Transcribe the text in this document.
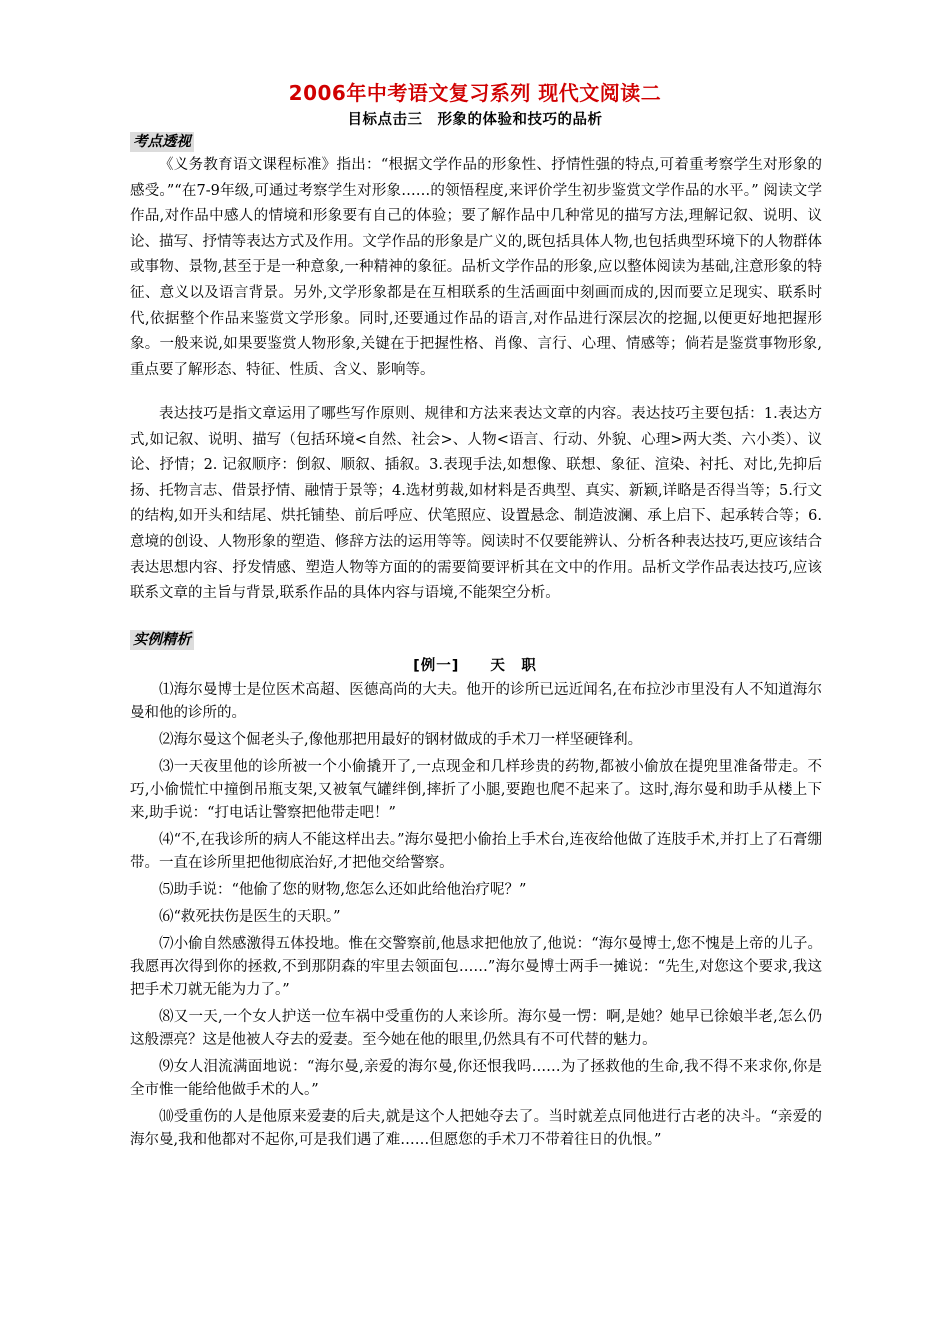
2006年中考语文复习系列 现代文阅读二
目标点击三　形象的体验和技巧的品析
考点透视

《义务教育语文课程标准》指出：“根据文学作品的形象性、抒情性强的特点,可着重考察学生对形象的感受。”“在7-9年级,可通过考察学生对形象……的领悟程度,来评价学生初步鉴赏文学作品的水平。” 阅读文学作品,对作品中感人的情境和形象要有自己的体验；要了解作品中几种常见的描写方法,理解记叙、说明、议论、描写、抒情等表达方式及作用。文学作品的形象是广义的,既包括具体人物,也包括典型环境下的人物群体或事物、景物,甚至于是一种意象,一种精神的象征。品析文学作品的形象,应以整体阅读为基础,注意形象的特征、意义以及语言背景。另外,文学形象都是在互相联系的生活画面中刻画而成的,因而要立足现实、联系时代,依据整个作品来鉴赏文学形象。同时,还要通过作品的语言,对作品进行深层次的挖掘,以便更好地把握形象。一般来说,如果要鉴赏人物形象,关键在于把握性格、肖像、言行、心理、情感等；倘若是鉴赏事物形象,重点要了解形态、特征、性质、含义、影响等。

表达技巧是指文章运用了哪些写作原则、规律和方法来表达文章的内容。表达技巧主要包括：1.表达方式,如记叙、说明、描写（包括环境<自然、社会>、人物<语言、行动、外貌、心理>两大类、六小类）、议论、抒情；2. 记叙顺序：倒叙、顺叙、插叙。3.表现手法,如想像、联想、象征、渲染、衬托、对比,先抑后扬、托物言志、借景抒情、融情于景等；4.选材剪裁,如材料是否典型、真实、新颖,详略是否得当等；5.行文的结构,如开头和结尾、烘托铺垫、前后呼应、伏笔照应、设置悬念、制造波澜、承上启下、起承转合等；6.意境的创设、人物形象的塑造、修辞方法的运用等等。阅读时不仅要能辨认、分析各种表达技巧,更应该结合表达思想内容、抒发情感、塑造人物等方面的的需要简要评析其在文中的作用。品析文学作品表达技巧,应该联系文章的主旨与背景,联系作品的具体内容与语境,不能架空分析。

实例精析
[例一]　　天　职

⑴海尔曼博士是位医术高超、医德高尚的大夫。他开的诊所已远近闻名,在布拉沙市里没有人不知道海尔曼和他的诊所的。

⑵海尔曼这个倔老头子,像他那把用最好的钢材做成的手术刀一样坚硬锋利。

⑶一天夜里他的诊所被一个小偷撬开了,一点现金和几样珍贵的药物,都被小偷放在提兜里准备带走。不巧,小偷慌忙中撞倒吊瓶支架,又被氧气罐绊倒,摔折了小腿,要跑也爬不起来了。这时,海尔曼和助手从楼上下来,助手说：“打电话让警察把他带走吧！”

⑷“不,在我诊所的病人不能这样出去。”海尔曼把小偷抬上手术台,连夜给他做了连肢手术,并打上了石膏绷带。一直在诊所里把他彻底治好,才把他交给警察。

⑸助手说：“他偷了您的财物,您怎么还如此给他治疗呢？”

⑹“救死扶伤是医生的天职。”

⑺小偷自然感激得五体投地。惟在交警察前,他恳求把他放了,他说：“海尔曼博士,您不愧是上帝的儿子。我愿再次得到你的拯救,不到那阴森的牢里去领面包……”海尔曼博士两手一摊说：“先生,对您这个要求,我这把手术刀就无能为力了。”

⑻又一天,一个女人护送一位车祸中受重伤的人来诊所。海尔曼一愣：啊,是她？她早已徐娘半老,怎么仍这般漂亮？这是他被人夺去的爱妻。至今她在他的眼里,仍然具有不可代替的魅力。

⑼女人泪流满面地说：“海尔曼,亲爱的海尔曼,你还恨我吗……为了拯救他的生命,我不得不来求你,你是全市惟一能给他做手术的人。”

⑽受重伤的人是他原来爱妻的后夫,就是这个人把她夺去了。当时就差点同他进行古老的决斗。“亲爱的海尔曼,我和他都对不起你,可是我们遇了难……但愿您的手术刀不带着往日的仇恨。”
